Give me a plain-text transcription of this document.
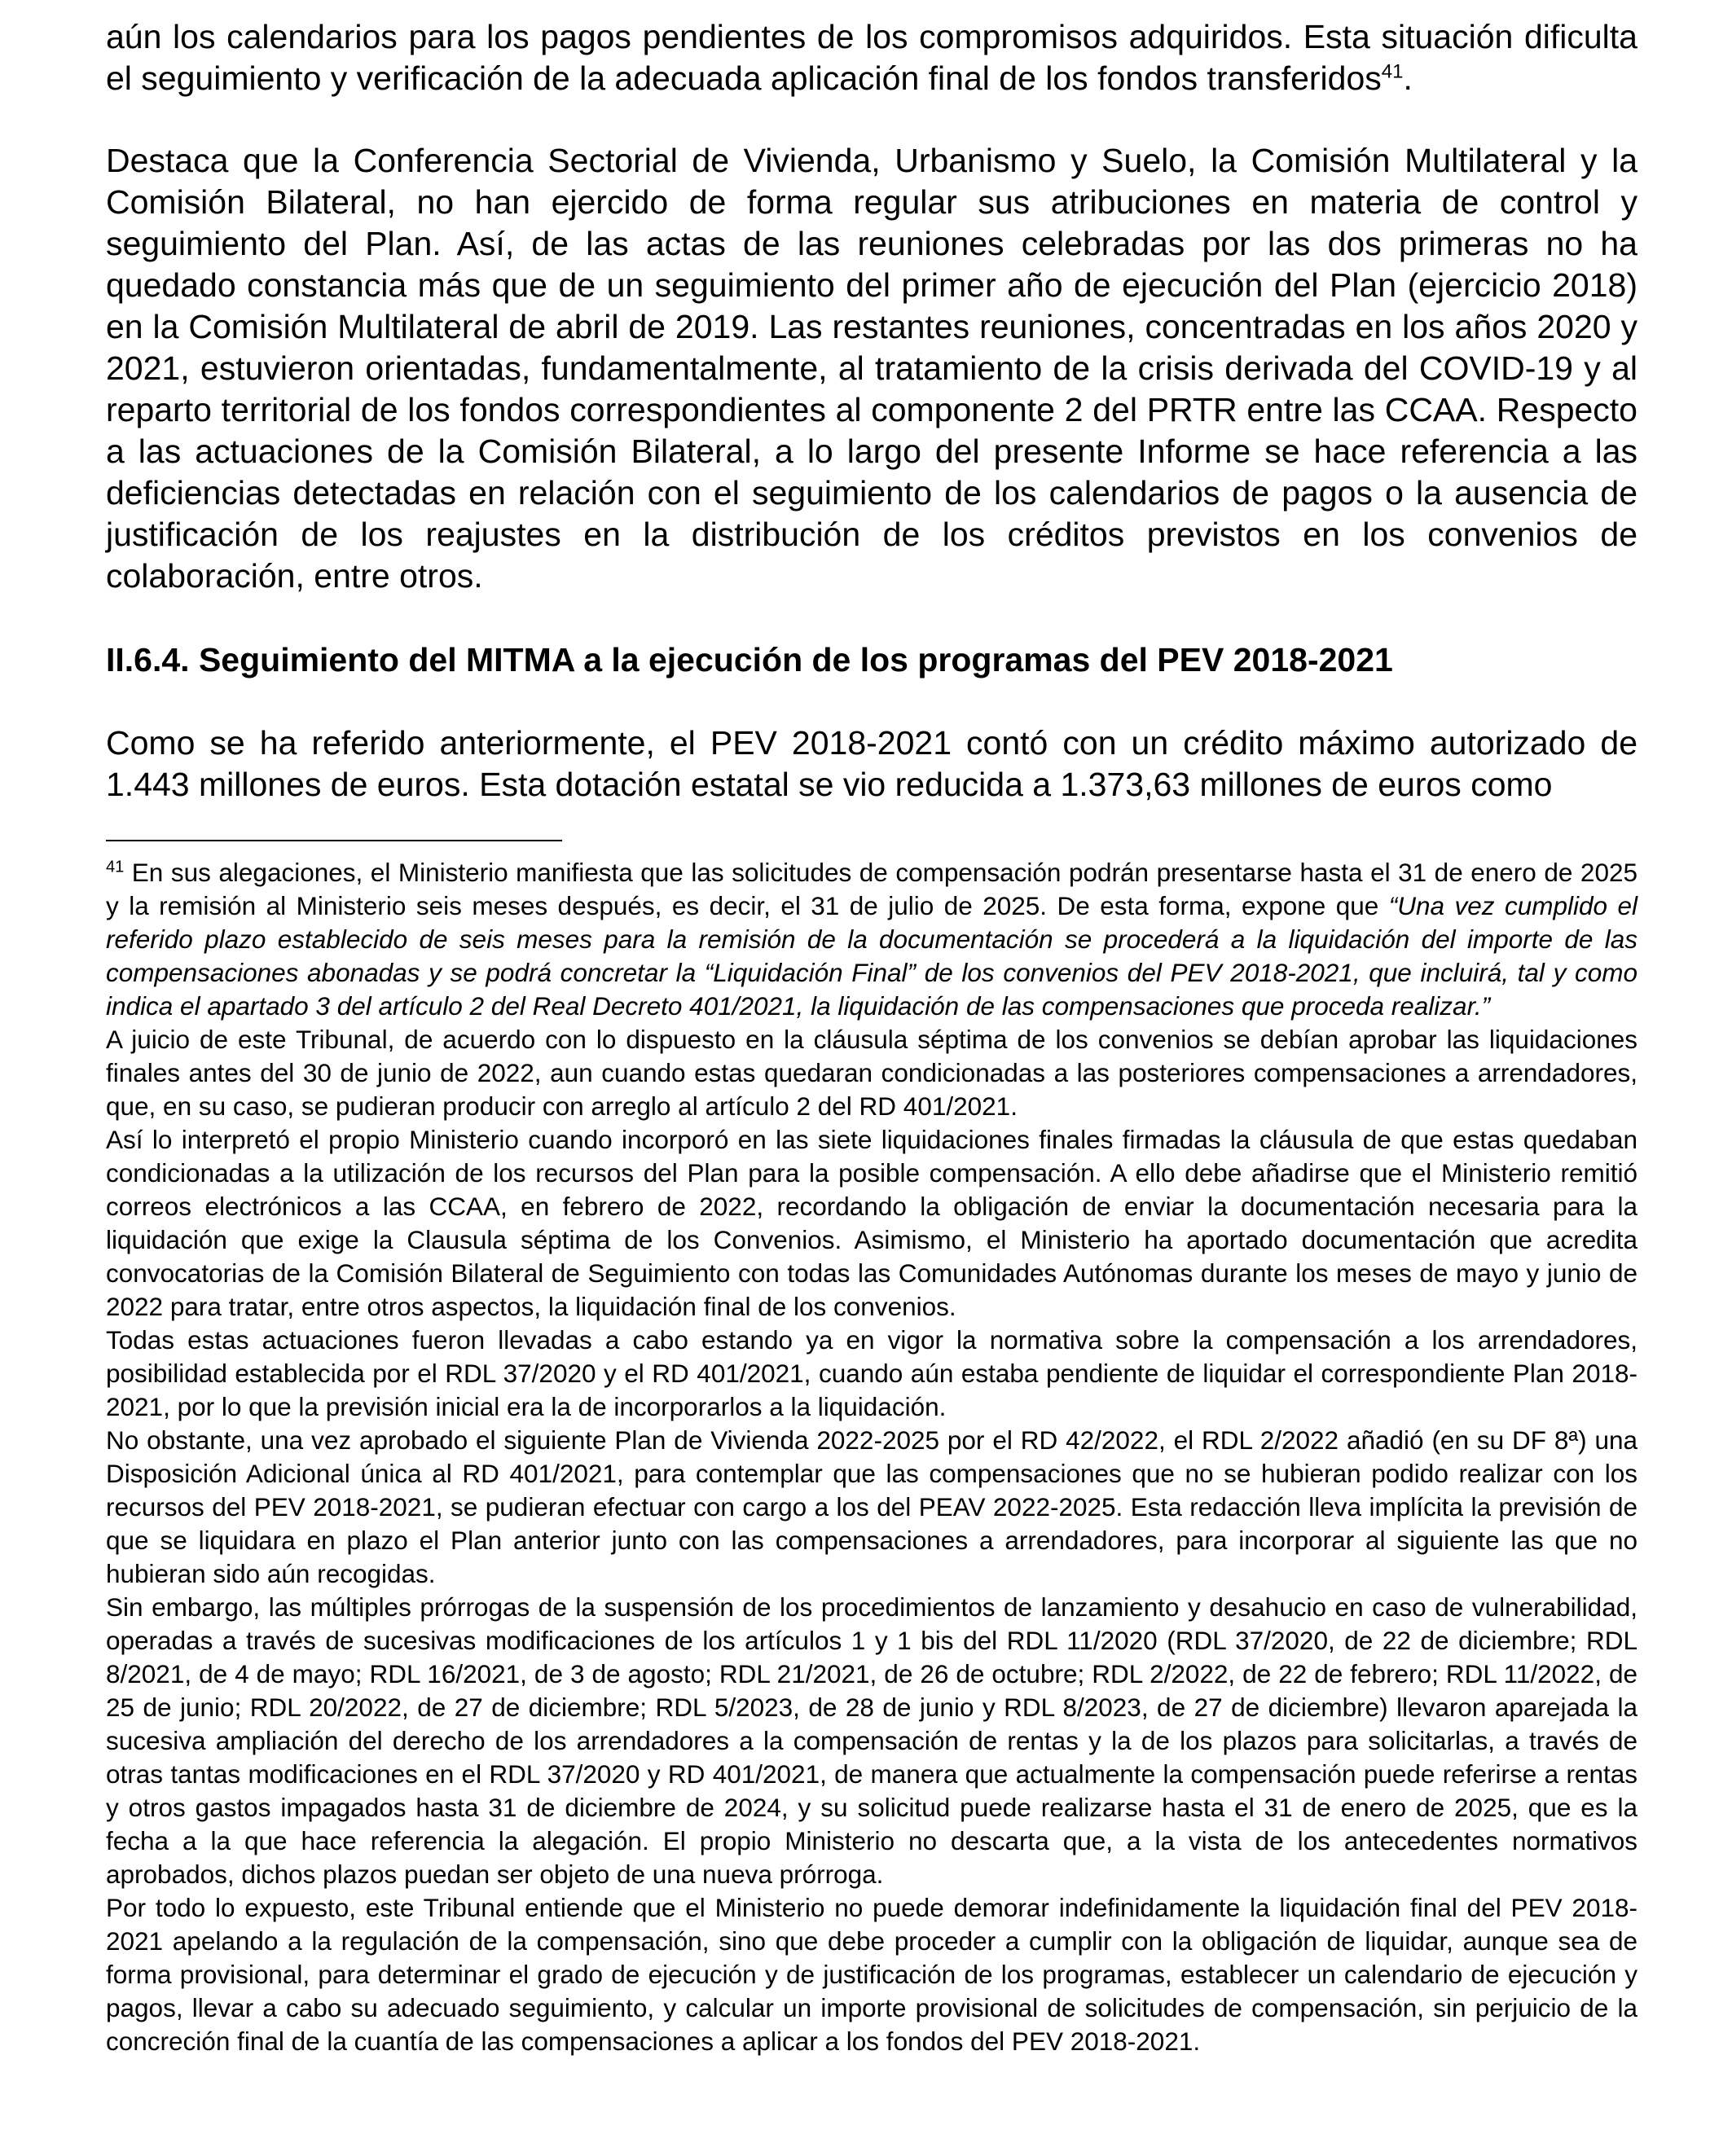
aún los calendarios para los pagos pendientes de los compromisos adquiridos. Esta situación dificulta el seguimiento y verificación de la adecuada aplicación final de los fondos transferidos$^{41}$.

Destaca que la Conferencia Sectorial de Vivienda, Urbanismo y Suelo, la Comisión Multilateral y la Comisión Bilateral, no han ejercido de forma regular sus atribuciones en materia de control y seguimiento del Plan. Así, de las actas de las reuniones celebradas por las dos primeras no ha quedado constancia más que de un seguimiento del primer año de ejecución del Plan (ejercicio 2018) en la Comisión Multilateral de abril de 2019. Las restantes reuniones, concentradas en los años 2020 y 2021, estuvieron orientadas, fundamentalmente, al tratamiento de la crisis derivada del COVID-19 y al reparto territorial de los fondos correspondientes al componente 2 del PRTR entre las CCAA. Respecto a las actuaciones de la Comisión Bilateral, a lo largo del presente Informe se hace referencia a las deficiencias detectadas en relación con el seguimiento de los calendarios de pagos o la ausencia de justificación de los reajustes en la distribución de los créditos previstos en los convenios de colaboración, entre otros.

II.6.4. Seguimiento del MITMA a la ejecución de los programas del PEV 2018-2021

Como se ha referido anteriormente, el PEV 2018-2021 contó con un crédito máximo autorizado de 1.443 millones de euros. Esta dotación estatal se vio reducida a 1.373,63 millones de euros como

$^{41}$ En sus alegaciones, el Ministerio manifiesta que las solicitudes de compensación podrán presentarse hasta el 31 de enero de 2025 y la remisión al Ministerio seis meses después, es decir, el 31 de julio de 2025. De esta forma, expone que “Una vez cumplido el referido plazo establecido de seis meses para la remisión de la documentación se procederá a la liquidación del importe de las compensaciones abonadas y se podrá concretar la “Liquidación Final” de los convenios del PEV 2018-2021, que incluirá, tal y como indica el apartado 3 del artículo 2 del Real Decreto 401/2021, la liquidación de las compensaciones que proceda realizar.”

A juicio de este Tribunal, de acuerdo con lo dispuesto en la cláusula séptima de los convenios se debían aprobar las liquidaciones finales antes del 30 de junio de 2022, aun cuando estas quedaran condicionadas a las posteriores compensaciones a arrendadores, que, en su caso, se pudieran producir con arreglo al artículo 2 del RD 401/2021.

Así lo interpretó el propio Ministerio cuando incorporó en las siete liquidaciones finales firmadas la cláusula de que estas quedaban condicionadas a la utilización de los recursos del Plan para la posible compensación. A ello debe añadirse que el Ministerio remitió correos electrónicos a las CCAA, en febrero de 2022, recordando la obligación de enviar la documentación necesaria para la liquidación que exige la Clausula séptima de los Convenios. Asimismo, el Ministerio ha aportado documentación que acredita convocatorias de la Comisión Bilateral de Seguimiento con todas las Comunidades Autónomas durante los meses de mayo y junio de 2022 para tratar, entre otros aspectos, la liquidación final de los convenios.

Todas estas actuaciones fueron llevadas a cabo estando ya en vigor la normativa sobre la compensación a los arrendadores, posibilidad establecida por el RDL 37/2020 y el RD 401/2021, cuando aún estaba pendiente de liquidar el correspondiente Plan 2018-2021, por lo que la previsión inicial era la de incorporarlos a la liquidación.

No obstante, una vez aprobado el siguiente Plan de Vivienda 2022-2025 por el RD 42/2022, el RDL 2/2022 añadió (en su DF 8ª) una Disposición Adicional única al RD 401/2021, para contemplar que las compensaciones que no se hubieran podido realizar con los recursos del PEV 2018-2021, se pudieran efectuar con cargo a los del PEAV 2022-2025. Esta redacción lleva implícita la previsión de que se liquidara en plazo el Plan anterior junto con las compensaciones a arrendadores, para incorporar al siguiente las que no hubieran sido aún recogidas.

Sin embargo, las múltiples prórrogas de la suspensión de los procedimientos de lanzamiento y desahucio en caso de vulnerabilidad, operadas a través de sucesivas modificaciones de los artículos 1 y 1 bis del RDL 11/2020 (RDL 37/2020, de 22 de diciembre; RDL 8/2021, de 4 de mayo; RDL 16/2021, de 3 de agosto; RDL 21/2021, de 26 de octubre; RDL 2/2022, de 22 de febrero; RDL 11/2022, de 25 de junio; RDL 20/2022, de 27 de diciembre; RDL 5/2023, de 28 de junio y RDL 8/2023, de 27 de diciembre) llevaron aparejada la sucesiva ampliación del derecho de los arrendadores a la compensación de rentas y la de los plazos para solicitarlas, a través de otras tantas modificaciones en el RDL 37/2020 y RD 401/2021, de manera que actualmente la compensación puede referirse a rentas y otros gastos impagados hasta 31 de diciembre de 2024, y su solicitud puede realizarse hasta el 31 de enero de 2025, que es la fecha a la que hace referencia la alegación. El propio Ministerio no descarta que, a la vista de los antecedentes normativos aprobados, dichos plazos puedan ser objeto de una nueva prórroga.

Por todo lo expuesto, este Tribunal entiende que el Ministerio no puede demorar indefinidamente la liquidación final del PEV 2018-2021 apelando a la regulación de la compensación, sino que debe proceder a cumplir con la obligación de liquidar, aunque sea de forma provisional, para determinar el grado de ejecución y de justificación de los programas, establecer un calendario de ejecución y pagos, llevar a cabo su adecuado seguimiento, y calcular un importe provisional de solicitudes de compensación, sin perjuicio de la concreción final de la cuantía de las compensaciones a aplicar a los fondos del PEV 2018-2021.
